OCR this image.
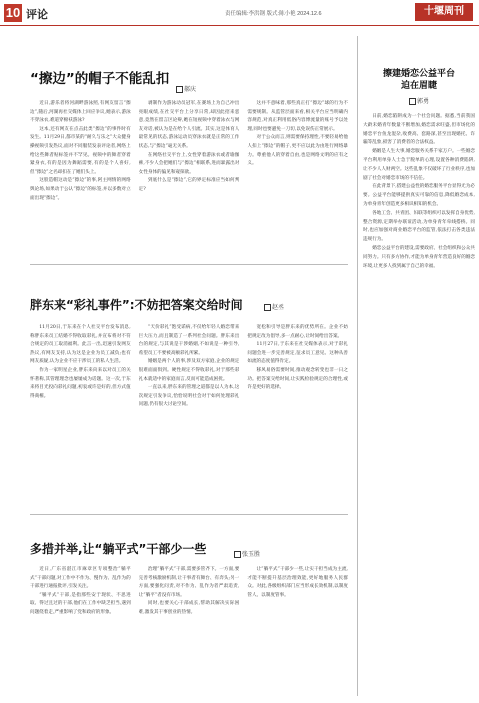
10 评论	责任编辑:李洪钢 版式:陈小艳 2024.12.6	十堰周刊
“擦边”的帽子不能乱扣
郝庆

近日,游乐者将河湖畔游泳照,有网友留言“擦边”,随后,河湖再社交媒体上回应争议,她表示,游泳不穿泳衣,难道穿棉袄游泳?

这本,还有网友在点击此类“擦边”的事件时有发生。11月29日,都市某的“耐久与乐之”大众健身操视频引发热议,面对不同服装发表评论者,网络上给这些舞者贴标签并不罕见。视频中的舞者穿着紧身衣,有的是因为舞蹈需要,有的是个人喜好,但“擦边”之名却扣在了她们头上。

这股造帽这动是“擦边”的事,阿主网情的网络舆论场,如果动于公认“擦边”的标签,并以多数对立面出现“擦边”。

剥制作为游泳动员冠军,在赛场上为自己冲出亮眼成绩,在社交平台上分享日常,却因此招来恶意,竟然在留言区论辩,她在短视频中穿着泳衣与网友对话,被认为是在给个人引流。其实,这是体育人最常见的状态,游泳运动员穿泳衣就是正常的工作状态,与“擦边”毫无关系。

在网络社交平台上,女性穿着游泳衣或者瑜伽裤,不少人会把她们与“擦边”相联系,进而暴露出对女性身体的偏见和窥探欲。

到底什么是“擦边”,它的界定标准应当如何判定?

这并不意味着,那些真正打“擦边”球的行为不需要规制。从监管层面来看,相关平台应当明确内容规范,对真正利用低俗内容博流量的账号予以处理,同时也要避免一刀切,以免误伤正常展示。

对于公众而言,则需要保持理性,不要轻易给他人扣上“擦边”的帽子,更不应以此为由进行网络暴力。尊重他人的穿着自由,也是网络文明的应有之义。

胖东来“彩礼事件”:不妨把答案交给时间	赵丞

11月20日,于东来在个人社交平台发布消息,称胖东来员工结婚不得收取彩礼,并宣布将对不符合规定的员工取消福利。此言一出,迅速引发网友热议,有网友支持,认为这是企业为员工减负;也有网友质疑,认为企业不应干涉员工的私人生活。

作为一家明星企业,胖东来向来以对员工的关怀著称,其管理理念也屡屡成为话题。这一次,于东来将目光投向彩礼问题,初衷或许是好的,但方式值得商榷。

“天价彩礼”饱受诟病,不仅给年轻人婚恋带来巨大压力,而且制造了一系列社会问题。胖东来出台的规定,与其说是干涉婚姻,不如说是一种引导,希望员工不要被高额彩礼所累。

婚姻是两个人的事,涉及双方家庭,企业的规定很难面面俱到。硬性规定不得收彩礼,对于那些彩礼本就适中的家庭而言,反而可能造成困扰。

一直以来,胖东来的管理之道都是以人为本,这次规定引发争议,恰恰说明社会对于如何处理彩礼问题,仍有很大讨论空间。

宽松和引导是胖东来的优势所在。企业不妨把规定改为倡导,多一点耐心,让时间给出答案。

11月27日,于东来在社交媒体表示,对于彩礼问题会进一步完善规定,征求员工意见。这种从善如流的态度值得肯定。

移风易俗需要时间,推动观念转变也非一日之功。把答案交给时间,让实践检验规定的合理性,或许是更好的选择。

多措并举,让“躺平式”干部少一些	张玉胜

近日,广东省湛江市麻章区专项整治“躺平式”干部问题,对工作中不作为、慢作为、乱作为的干部进行通报批评,引发关注。

“躺平式”干部,是指那些安于现状、不思进取、得过且过的干部,他们在工作中缺乏担当,遇到问题绕着走,严重影响了党和政府的形象。

治理“躺平式”干部,需要多管齐下。一方面,要完善考核激励机制,让干事者有舞台、有奔头;另一方面,要强化问责,对不作为、乱作为者严肃追责,让“躺平”者没有市场。

同时,也要关心干部成长,帮助其解决实际困难,激发其干事创业的热情。

让“躺平式”干部少一些,让实干担当成为主流,才能不断提升基层治理效能,更好地服务人民群众。对此,各级组织部门应当形成长效机制,以制度管人、以制度管事。

擦建婚恋公益平台
迫在眉睫
郭勇

日前,婚恋陷阱成为一个社会问题。据悉,当前我国大龄未婚青年数量不断增加,婚恋需求旺盛,但市场化的婚恋平台鱼龙混杂,收费高、套路深,甚至出现婚托、诈骗等乱象,损害了消费者的合法权益。

婚姻是人生大事,婚恋服务关系千家万户。一些婚恋平台利用单身人士急于脱单的心理,设置各种消费陷阱,让不少人人财两空。这些乱象不仅破坏了行业秩序,也加剧了社会对婚恋市场的不信任。

在此背景下,搭建公益性的婚恋服务平台显得尤为必要。公益平台能够提供真实可靠的信息,降低婚恋成本,为单身青年创造更多相识相知的机会。

各地工会、共青团、妇联等组织可以发挥自身优势,整合资源,定期举办联谊活动,为单身青年牵线搭桥。同时,也应加强对商业婚恋平台的监管,依法打击各类违法违规行为。

婚恋公益平台的建设,需要政府、社会组织和公众共同努力。只有多方协作,才能为单身青年营造良好的婚恋环境,让更多人找到属于自己的幸福。
